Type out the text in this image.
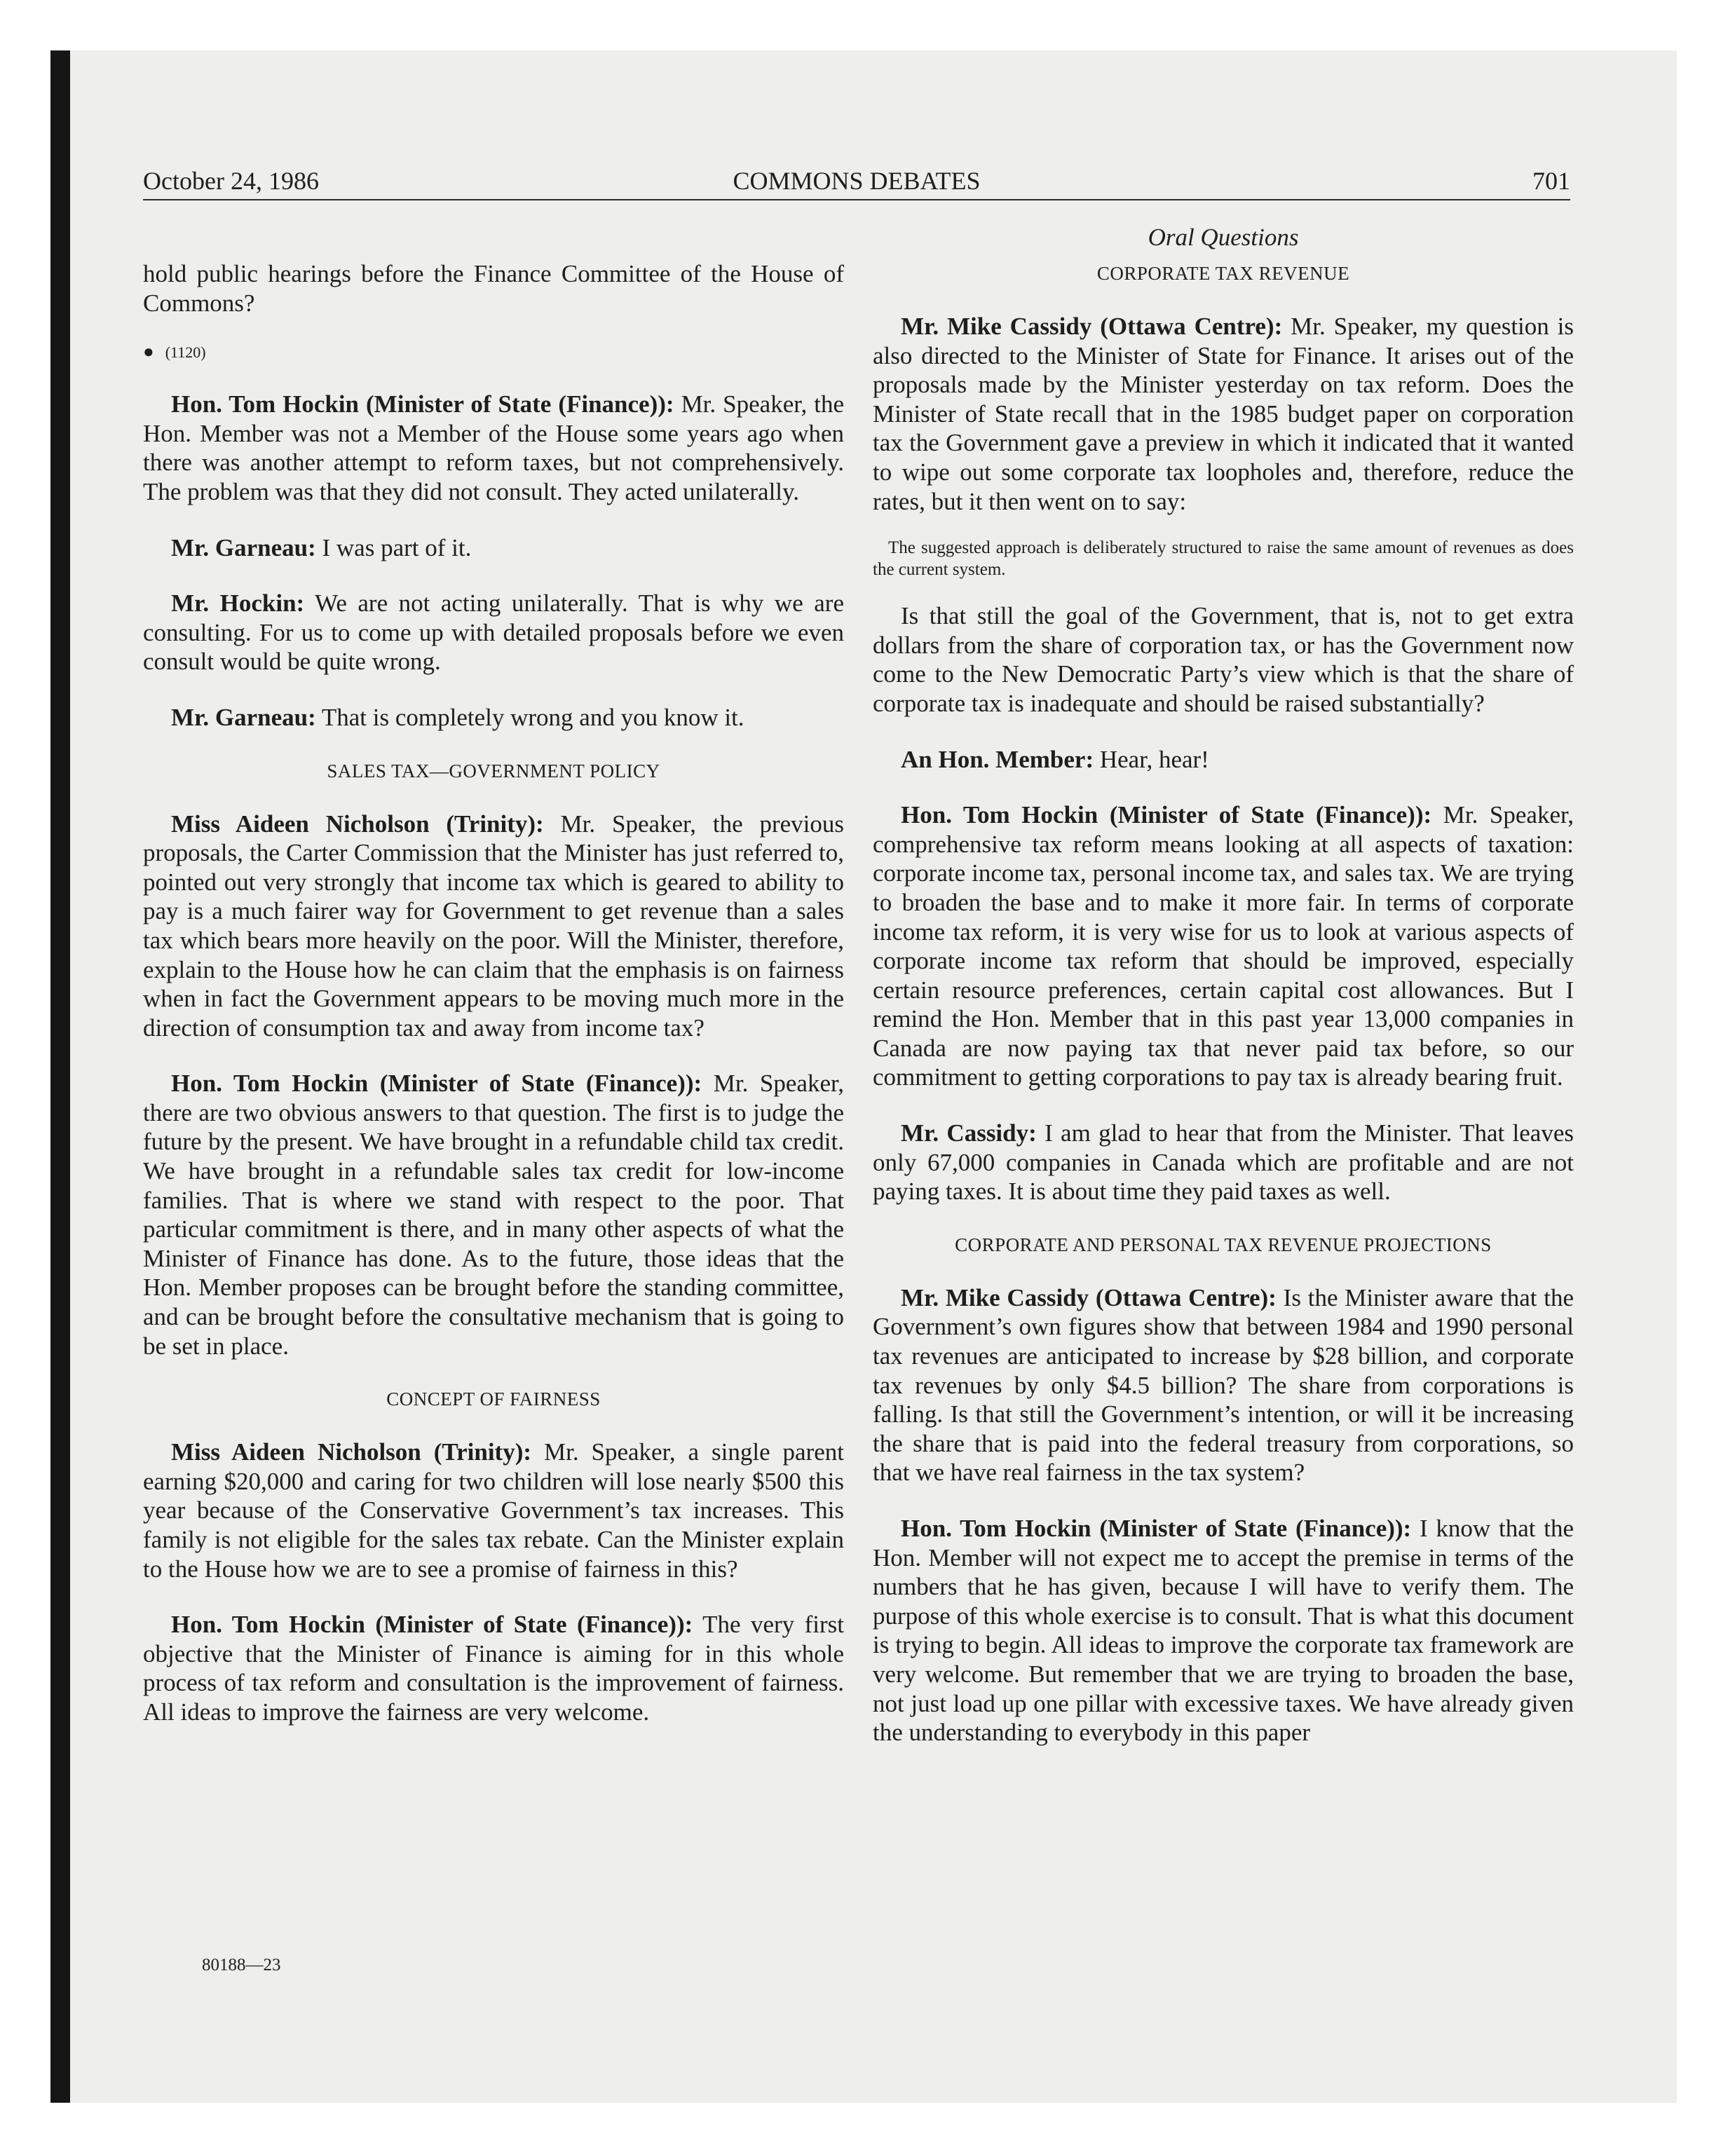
October 24, 1986	COMMONS DEBATES	701

hold public hearings before the Finance Committee of the House of Commons?

● (1120)

Hon. Tom Hockin (Minister of State (Finance)): Mr. Speaker, the Hon. Member was not a Member of the House some years ago when there was another attempt to reform taxes, but not comprehensively. The problem was that they did not consult. They acted unilaterally.

Mr. Garneau: I was part of it.

Mr. Hockin: We are not acting unilaterally. That is why we are consulting. For us to come up with detailed proposals before we even consult would be quite wrong.

Mr. Garneau: That is completely wrong and you know it.

SALES TAX—GOVERNMENT POLICY

Miss Aideen Nicholson (Trinity): Mr. Speaker, the previous proposals, the Carter Commission that the Minister has just referred to, pointed out very strongly that income tax which is geared to ability to pay is a much fairer way for Government to get revenue than a sales tax which bears more heavily on the poor. Will the Minister, therefore, explain to the House how he can claim that the emphasis is on fairness when in fact the Government appears to be moving much more in the direction of consumption tax and away from income tax?

Hon. Tom Hockin (Minister of State (Finance)): Mr. Speaker, there are two obvious answers to that question. The first is to judge the future by the present. We have brought in a refundable child tax credit. We have brought in a refundable sales tax credit for low-income families. That is where we stand with respect to the poor. That particular commitment is there, and in many other aspects of what the Minister of Finance has done. As to the future, those ideas that the Hon. Member proposes can be brought before the standing committee, and can be brought before the consultative mechanism that is going to be set in place.

CONCEPT OF FAIRNESS

Miss Aideen Nicholson (Trinity): Mr. Speaker, a single parent earning $20,000 and caring for two children will lose nearly $500 this year because of the Conservative Government’s tax increases. This family is not eligible for the sales tax rebate. Can the Minister explain to the House how we are to see a promise of fairness in this?

Hon. Tom Hockin (Minister of State (Finance)): The very first objective that the Minister of Finance is aiming for in this whole process of tax reform and consultation is the improvement of fairness. All ideas to improve the fairness are very welcome.

Oral Questions

CORPORATE TAX REVENUE

Mr. Mike Cassidy (Ottawa Centre): Mr. Speaker, my question is also directed to the Minister of State for Finance. It arises out of the proposals made by the Minister yesterday on tax reform. Does the Minister of State recall that in the 1985 budget paper on corporation tax the Government gave a preview in which it indicated that it wanted to wipe out some corporate tax loopholes and, therefore, reduce the rates, but it then went on to say:

The suggested approach is deliberately structured to raise the same amount of revenues as does the current system.

Is that still the goal of the Government, that is, not to get extra dollars from the share of corporation tax, or has the Government now come to the New Democratic Party’s view which is that the share of corporate tax is inadequate and should be raised substantially?

An Hon. Member: Hear, hear!

Hon. Tom Hockin (Minister of State (Finance)): Mr. Speaker, comprehensive tax reform means looking at all aspects of taxation: corporate income tax, personal income tax, and sales tax. We are trying to broaden the base and to make it more fair. In terms of corporate income tax reform, it is very wise for us to look at various aspects of corporate income tax reform that should be improved, especially certain resource preferences, certain capital cost allowances. But I remind the Hon. Member that in this past year 13,000 companies in Canada are now paying tax that never paid tax before, so our commitment to getting corporations to pay tax is already bearing fruit.

Mr. Cassidy: I am glad to hear that from the Minister. That leaves only 67,000 companies in Canada which are profitable and are not paying taxes. It is about time they paid taxes as well.

CORPORATE AND PERSONAL TAX REVENUE PROJECTIONS

Mr. Mike Cassidy (Ottawa Centre): Is the Minister aware that the Government’s own figures show that between 1984 and 1990 personal tax revenues are anticipated to increase by $28 billion, and corporate tax revenues by only $4.5 billion? The share from corporations is falling. Is that still the Government’s intention, or will it be increasing the share that is paid into the federal treasury from corporations, so that we have real fairness in the tax system?

Hon. Tom Hockin (Minister of State (Finance)): I know that the Hon. Member will not expect me to accept the premise in terms of the numbers that he has given, because I will have to verify them. The purpose of this whole exercise is to consult. That is what this document is trying to begin. All ideas to improve the corporate tax framework are very welcome. But remember that we are trying to broaden the base, not just load up one pillar with excessive taxes. We have already given the understanding to everybody in this paper

80188—23
